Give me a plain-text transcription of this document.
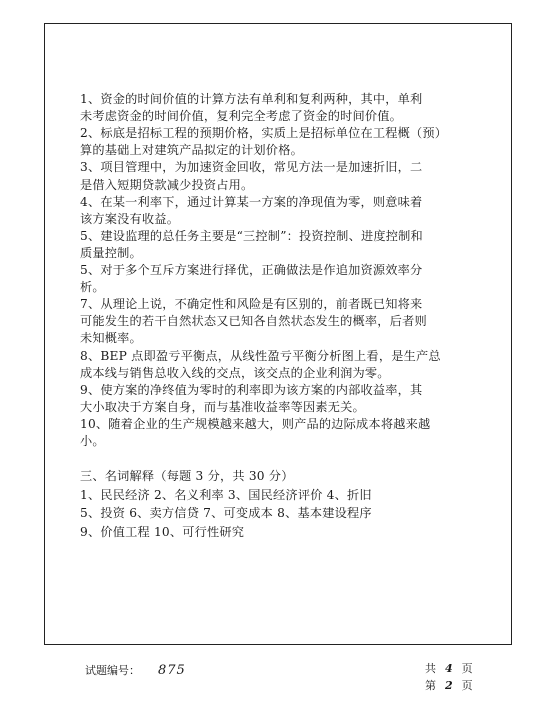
1、资金的时间价值的计算方法有单利和复利两种，其中，单利
未考虑资金的时间价值，复利完全考虑了资金的时间价值。
2、标底是招标工程的预期价格，实质上是招标单位在工程概（预）
算的基础上对建筑产品拟定的计划价格。
3、项目管理中，为加速资金回收，常见方法一是加速折旧，二
是借入短期贷款减少投资占用。
4、在某一利率下，通过计算某一方案的净现值为零，则意味着
该方案没有收益。
5、建设监理的总任务主要是“三控制”：投资控制、进度控制和
质量控制。
5、对于多个互斥方案进行择优，正确做法是作追加资源效率分
析。
7、从理论上说，不确定性和风险是有区别的，前者既已知将来
可能发生的若干自然状态又已知各自然状态发生的概率，后者则
未知概率。
8、BEP 点即盈亏平衡点，从线性盈亏平衡分析图上看，是生产总
成本线与销售总收入线的交点，该交点的企业利润为零。
9、使方案的净终值为零时的利率即为该方案的内部收益率，其
大小取决于方案自身，而与基准收益率等因素无关。
10、随着企业的生产规模越来越大，则产品的边际成本将越来越
小。
三、名词解释（每题 3 分，共 30 分）
1、民民经济 2、名义利率 3、国民经济评价 4、折旧
5、投资 6、卖方信贷 7、可变成本 8、基本建设程序
9、价值工程 10、可行性研究
试题编号： 875	共 4 页
第 2 页
